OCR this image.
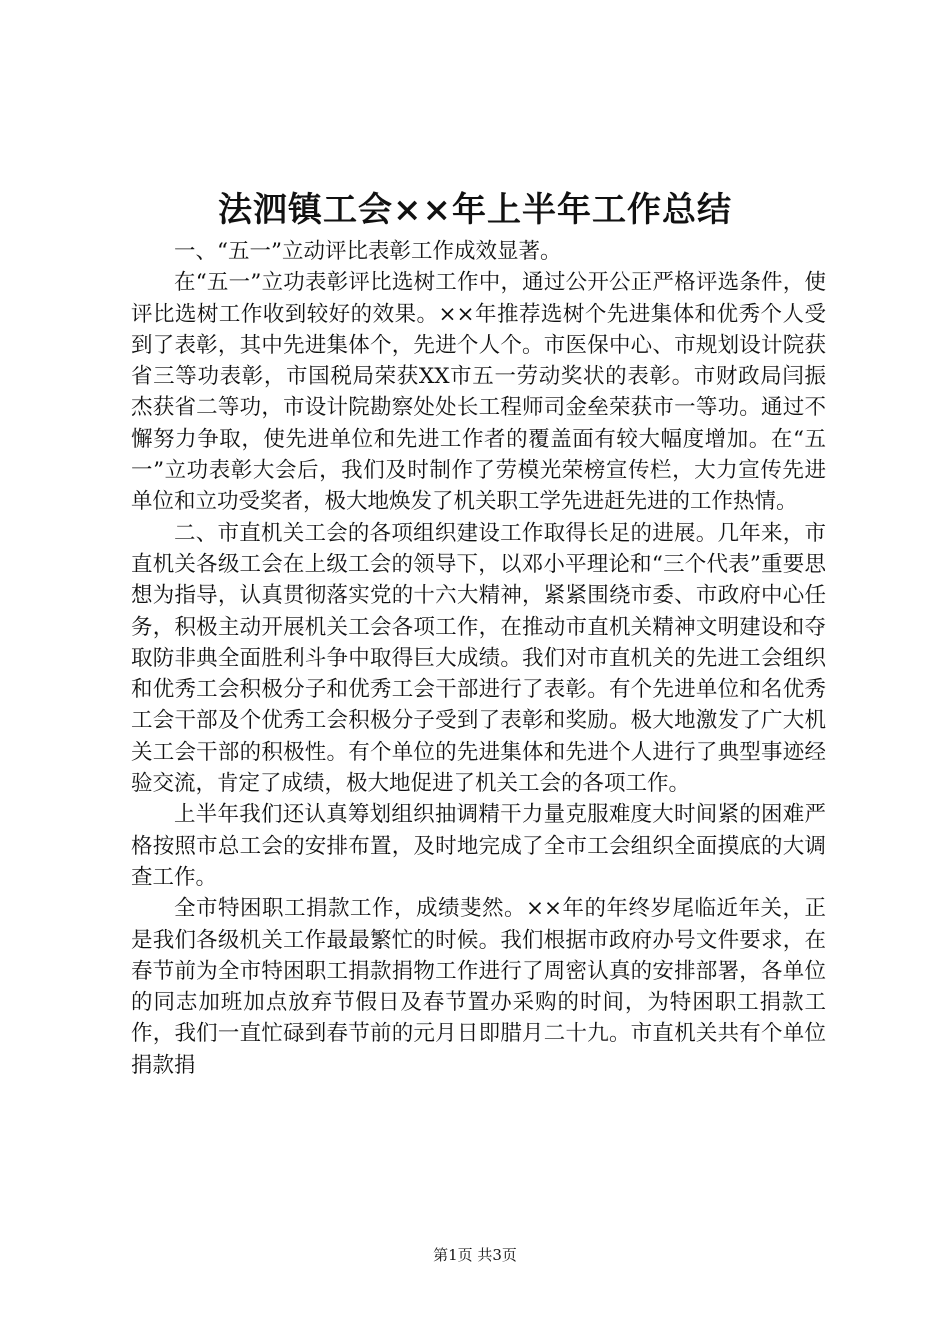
法泗镇工会××年上半年工作总结

一、“五一”立动评比表彰工作成效显著。

在“五一”立功表彰评比选树工作中，通过公开公正严格评选条件，使评比选树工作收到较好的效果。××年推荐选树个先进集体和优秀个人受到了表彰，其中先进集体个，先进个人个。市医保中心、市规划设计院获省三等功表彰，市国税局荣获XX市五一劳动奖状的表彰。市财政局闫振杰获省二等功，市设计院勘察处处长工程师司金垒荣获市一等功。通过不懈努力争取，使先进单位和先进工作者的覆盖面有较大幅度增加。在“五一”立功表彰大会后，我们及时制作了劳模光荣榜宣传栏，大力宣传先进单位和立功受奖者，极大地焕发了机关职工学先进赶先进的工作热情。

二、市直机关工会的各项组织建设工作取得长足的进展。几年来，市直机关各级工会在上级工会的领导下，以邓小平理论和“三个代表”重要思想为指导，认真贯彻落实党的十六大精神，紧紧围绕市委、市政府中心任务，积极主动开展机关工会各项工作，在推动市直机关精神文明建设和夺取防非典全面胜利斗争中取得巨大成绩。我们对市直机关的先进工会组织和优秀工会积极分子和优秀工会干部进行了表彰。有个先进单位和名优秀工会干部及个优秀工会积极分子受到了表彰和奖励。极大地激发了广大机关工会干部的积极性。有个单位的先进集体和先进个人进行了典型事迹经验交流，肯定了成绩，极大地促进了机关工会的各项工作。

上半年我们还认真筹划组织抽调精干力量克服难度大时间紧的困难严格按照市总工会的安排布置，及时地完成了全市工会组织全面摸底的大调查工作。

全市特困职工捐款工作，成绩斐然。××年的年终岁尾临近年关，正是我们各级机关工作最最繁忙的时候。我们根据市政府办号文件要求，在春节前为全市特困职工捐款捐物工作进行了周密认真的安排部署，各单位的同志加班加点放弃节假日及春节置办采购的时间，为特困职工捐款工作，我们一直忙碌到春节前的元月日即腊月二十九。市直机关共有个单位捐款捐

第1页 共3页
